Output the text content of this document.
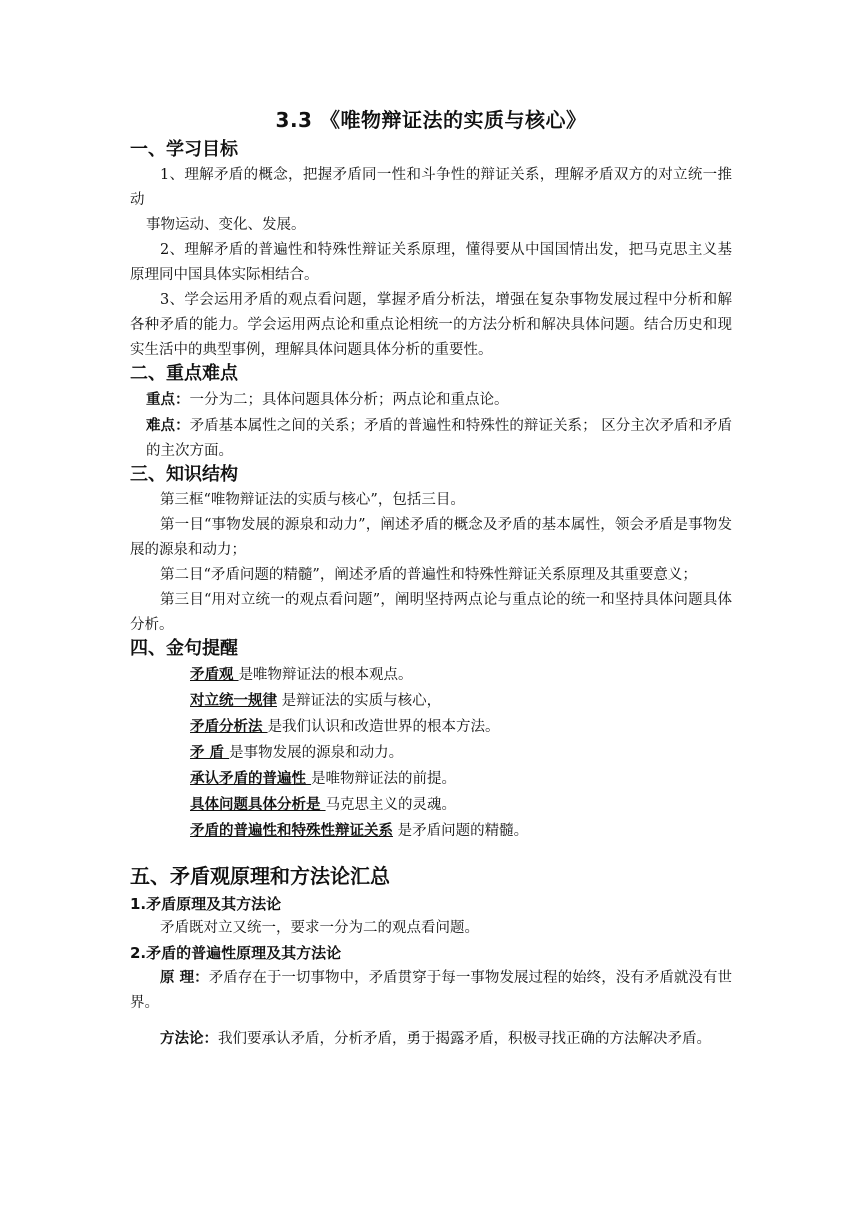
3.3 《唯物辩证法的实质与核心》
一、学习目标

1、理解矛盾的概念，把握矛盾同一性和斗争性的辩证关系，理解矛盾双方的对立统一推动

事物运动、变化、发展。

2、理解矛盾的普遍性和特殊性辩证关系原理，懂得要从中国国情出发，把马克思主义基原理同中国具体实际相结合。

3、学会运用矛盾的观点看问题，掌握矛盾分析法，增强在复杂事物发展过程中分析和解各种矛盾的能力。学会运用两点论和重点论相统一的方法分析和解决具体问题。结合历史和现实生活中的典型事例，理解具体问题具体分析的重要性。

二、重点难点

重点：一分为二；具体问题具体分析；两点论和重点论。

难点：矛盾基本属性之间的关系；矛盾的普遍性和特殊性的辩证关系； 区分主次矛盾和矛盾的主次方面。

三、知识结构

第三框“唯物辩证法的实质与核心”，包括三目。

第一目“事物发展的源泉和动力”，阐述矛盾的概念及矛盾的基本属性，领会矛盾是事物发展的源泉和动力；

第二目“矛盾问题的精髓”，阐述矛盾的普遍性和特殊性辩证关系原理及其重要意义；

第三目“用对立统一的观点看问题”，阐明坚持两点论与重点论的统一和坚持具体问题具体分析。

四、金句提醒

矛盾观 是唯物辩证法的根本观点。

对立统一规律 是辩证法的实质与核心，

矛盾分析法 是我们认识和改造世界的根本方法。

矛 盾 是事物发展的源泉和动力。

承认矛盾的普遍性 是唯物辩证法的前提。

具体问题具体分析是 马克思主义的灵魂。

矛盾的普遍性和特殊性辩证关系 是矛盾问题的精髓。

五、矛盾观原理和方法论汇总
1.矛盾原理及其方法论

矛盾既对立又统一，要求一分为二的观点看问题。

2.矛盾的普遍性原理及其方法论

原 理：矛盾存在于一切事物中，矛盾贯穿于每一事物发展过程的始终，没有矛盾就没有世界。

方法论：我们要承认矛盾，分析矛盾，勇于揭露矛盾，积极寻找正确的方法解决矛盾。
